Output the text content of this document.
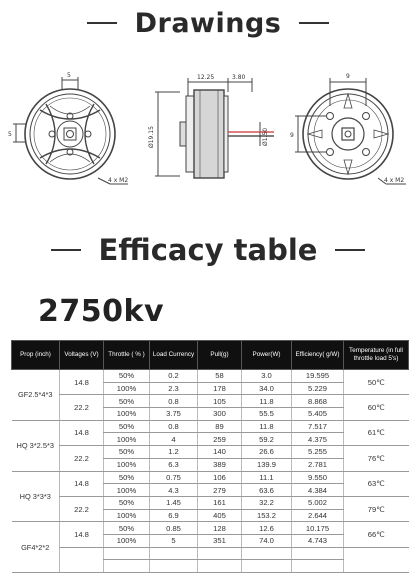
Drawings
5
5
4 x M2
12.25	3.80
Ø19.15	Ø1.50
9
9
4 x M2
Efficacy table
2750kv
Prop (inch)	Voltages (V)	Throttle ( % )	Load Currency	Pull(g)	Power(W)	Efficiency( g/W)	Temperature (in full throttle load 5's)
GF2.5*4*3	14.8	50%	0.2	58	3.0	19.595	50℃
		100%	2.3	178	34.0	5.229	
	22.2	50%	0.8	105	11.8	8.868	60℃
		100%	3.75	300	55.5	5.405	
HQ 3*2.5*3	14.8	50%	0.8	89	11.8	7.517	61℃
		100%	4	259	59.2	4.375	
	22.2	50%	1.2	140	26.6	5.255	76℃
		100%	6.3	389	139.9	2.781	
HQ 3*3*3	14.8	50%	0.75	106	11.1	9.550	63℃
		100%	4.3	279	63.6	4.384	
	22.2	50%	1.45	161	32.2	5.002	79℃
		100%	6.9	405	153.2	2.644	
GF4*2*2	14.8	50%	0.85	128	12.6	10.175	66℃
		100%	5	351	74.0	4.743	
